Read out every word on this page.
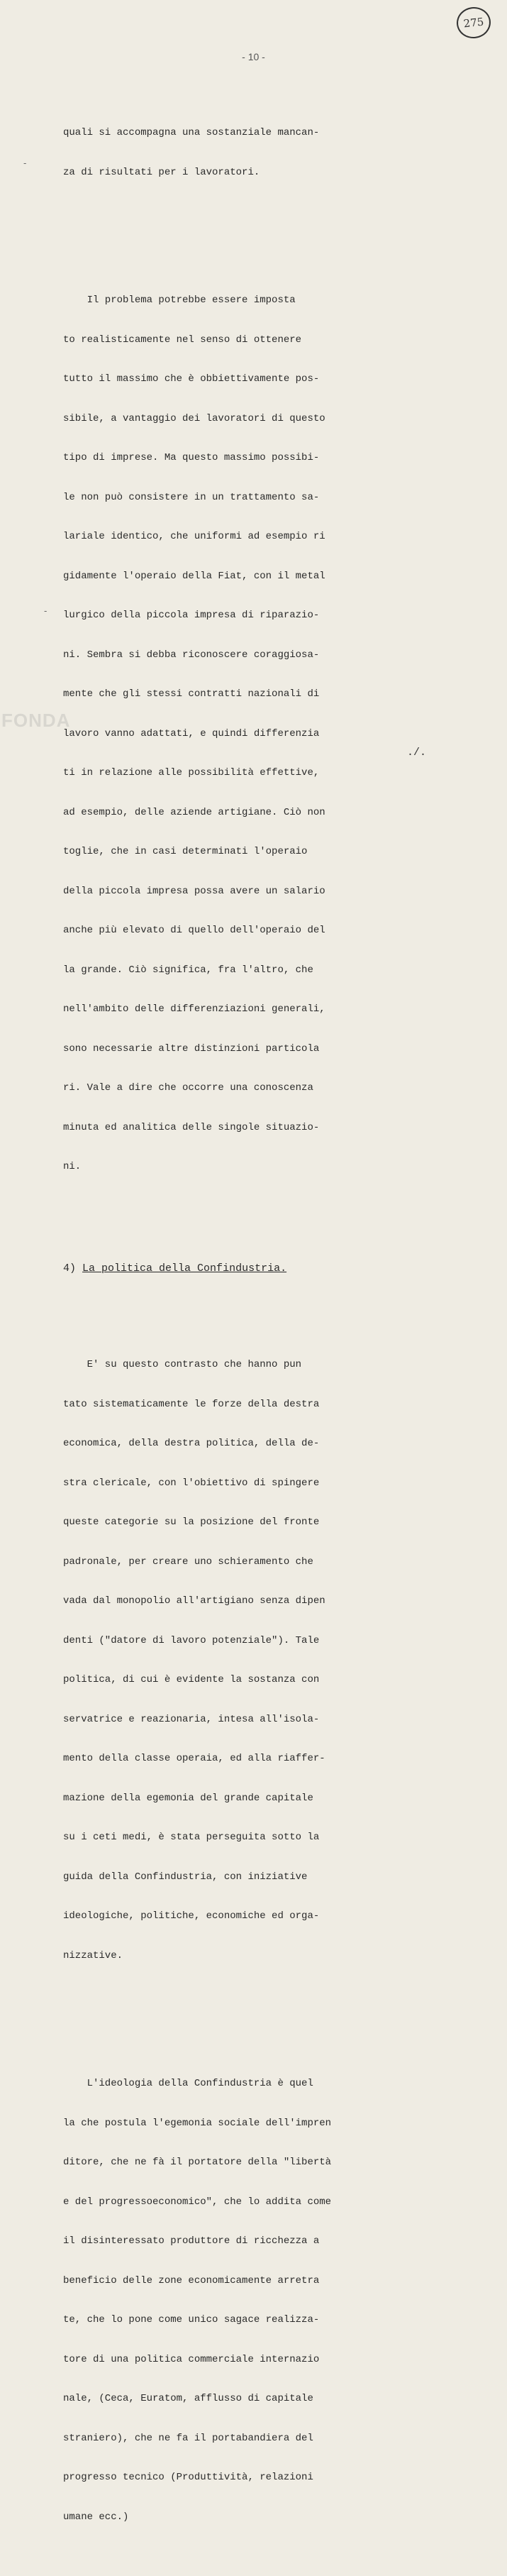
275
- 10 -

quali si accompagna una sostanziale mancan-

za di risultati per i lavoratori.

Il problema potrebbe essere imposta

to realisticamente nel senso di ottenere

tutto il massimo che è obbiettivamente pos-

sibile, a vantaggio dei lavoratori di questo

tipo di imprese. Ma questo massimo possibi-

le non può consistere in un trattamento sa-

lariale identico, che uniformi ad esempio ri

gidamente l'operaio della Fiat, con il metal

lurgico della piccola impresa di riparazio-

ni. Sembra si debba riconoscere coraggiosa-

mente che gli stessi contratti nazionali di

lavoro vanno adattati, e quindi differenzia

ti in relazione alle possibilità effettive,

ad esempio, delle aziende artigiane. Ciò non

toglie, che in casi determinati l'operaio

della piccola impresa possa avere un salario

anche più elevato di quello dell'operaio del

la grande. Ciò significa, fra l'altro, che

nell'ambito delle differenziazioni generali,

sono necessarie altre distinzioni particola

ri. Vale a dire che occorre una conoscenza

minuta ed analitica delle singole situazio-

ni.

4) La politica della Confindustria.

E' su questo contrasto che hanno pun

tato sistematicamente le forze della destra

economica, della destra politica, della de-

stra clericale, con l'obiettivo di spingere

queste categorie su la posizione del fronte

padronale, per creare uno schieramento che

vada dal monopolio all'artigiano senza dipen

denti ("datore di lavoro potenziale"). Tale

politica, di cui è evidente la sostanza con

servatrice e reazionaria, intesa all'isola-

mento della classe operaia, ed alla riaffer-

mazione della egemonia del grande capitale

su i ceti medi, è stata perseguita sotto la

guida della Confindustria, con iniziative

ideologiche, politiche, economiche ed orga-

nizzative.

L'ideologia della Confindustria è quel

la che postula l'egemonia sociale dell'impren

ditore, che ne fà il portatore della "libertà

e del progressoeconomico", che lo addita come

il disinteressato produttore di ricchezza a

beneficio delle zone economicamente arretra

te, che lo pone come unico sagace realizza-

tore di una politica commerciale internazio

nale, (Ceca, Euratom, afflusso di capitale

straniero), che ne fa il portabandiera del

progresso tecnico (Produttività, relazioni

umane ecc.)

-
-
./.
FONDA
